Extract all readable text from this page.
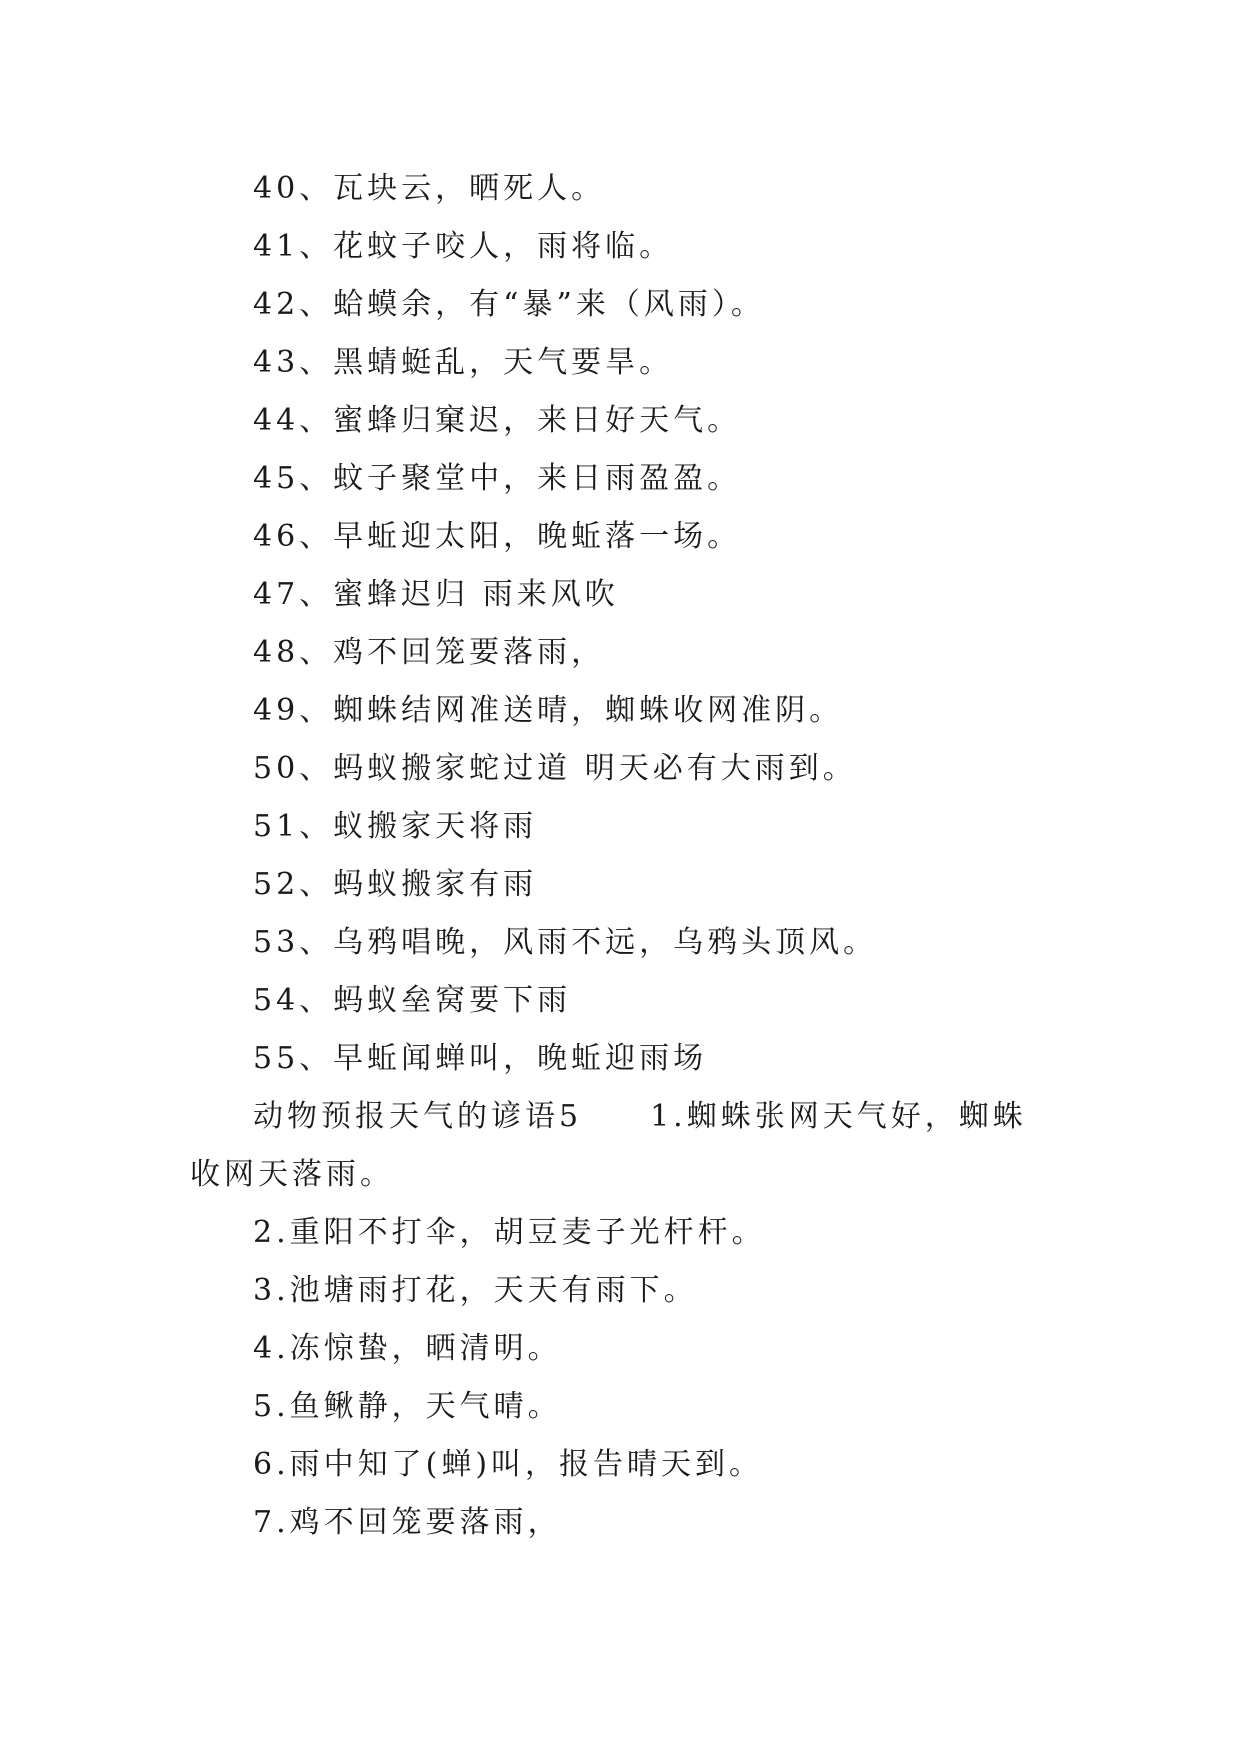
40、瓦块云，晒死人。
41、花蚊子咬人，雨将临。
42、蛤蟆余，有“暴”来（风雨）。
43、黑蜻蜓乱，天气要旱。
44、蜜蜂归窠迟，来日好天气。
45、蚊子聚堂中，来日雨盈盈。
46、早蚯迎太阳，晚蚯落一场。
47、蜜蜂迟归 雨来风吹
48、鸡不回笼要落雨，
49、蜘蛛结网准送晴，蜘蛛收网准阴。
50、蚂蚁搬家蛇过道 明天必有大雨到。
51、蚁搬家天将雨
52、蚂蚁搬家有雨
53、乌鸦唱晚，风雨不远，乌鸦头顶风。
54、蚂蚁垒窝要下雨
55、早蚯闻蝉叫，晚蚯迎雨场
动物预报天气的谚语5　　1.蜘蛛张网天气好，蜘蛛收网天落雨。
2.重阳不打伞，胡豆麦子光杆杆。
3.池塘雨打花，天天有雨下。
4.冻惊蛰，晒清明。
5.鱼鳅静，天气晴。
6.雨中知了(蝉)叫，报告晴天到。
7.鸡不回笼要落雨，
